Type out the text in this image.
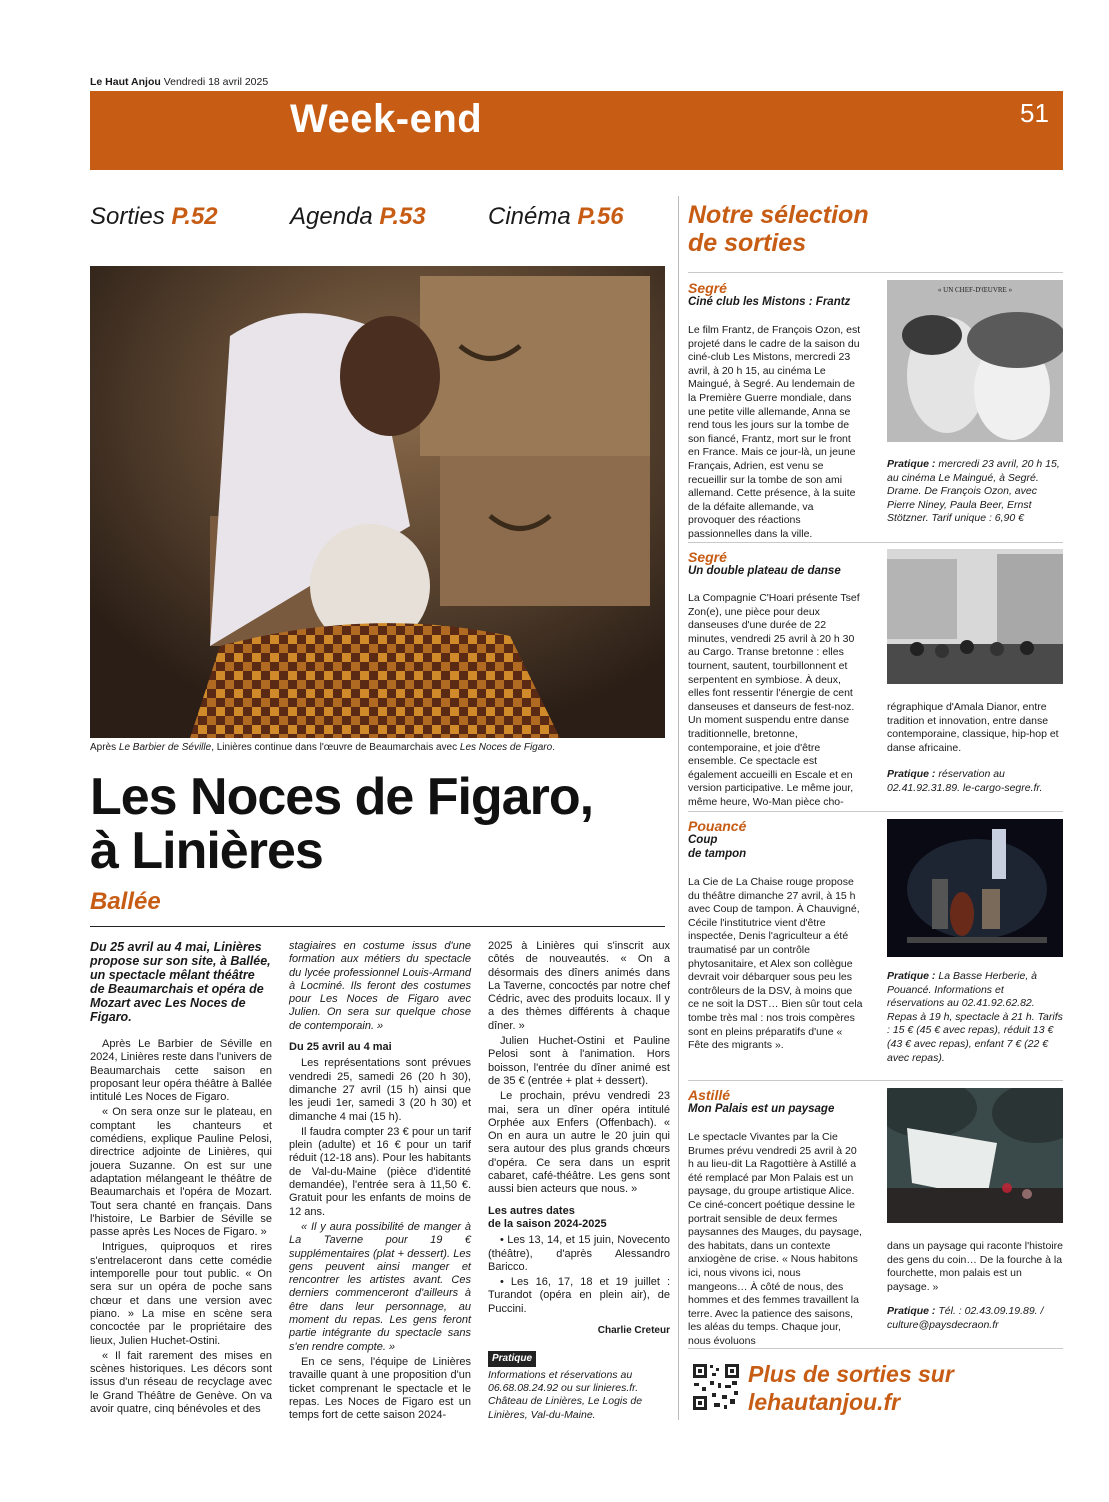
Le Haut Anjou Vendredi 18 avril 2025
Week-end	51
Sorties P.52	Agenda P.53	Cinéma P.56
Après Le Barbier de Séville, Linières continue dans l'œuvre de Beaumarchais avec Les Noces de Figaro.
Les Noces de Figaro,
à Linières
Ballée

Du 25 avril au 4 mai, Linières propose sur son site, à Ballée, un spectacle mêlant théâtre de Beaumarchais et opéra de Mozart avec Les Noces de Figaro.

Après Le Barbier de Séville en 2024, Linières reste dans l'univers de Beaumarchais cette saison en proposant leur opéra théâtre à Ballée intitulé Les Noces de Figaro.

« On sera onze sur le plateau, en comptant les chanteurs et comédiens, explique Pauline Pelosi, directrice adjointe de Linières, qui jouera Suzanne. On est sur une adaptation mélangeant le théâtre de Beaumarchais et l'opéra de Mozart. Tout sera chanté en français. Dans l'histoire, Le Barbier de Séville se passe après Les Noces de Figaro. »

Intrigues, quiproquos et rires s'entrelaceront dans cette comédie intemporelle pour tout public. « On sera sur un opéra de poche sans chœur et dans une version avec piano. » La mise en scène sera concoctée par le propriétaire des lieux, Julien Huchet-Ostini.

« Il fait rarement des mises en scènes historiques. Les décors sont issus d'un réseau de recyclage avec le Grand Théâtre de Genève. On va avoir quatre, cinq bénévoles et des

stagiaires en costume issus d'une formation aux métiers du spectacle du lycée professionnel Louis-Armand à Locminé. Ils feront des costumes pour Les Noces de Figaro avec Julien. On sera sur quelque chose de contemporain. »

Du 25 avril au 4 mai

Les représentations sont prévues vendredi 25, samedi 26 (20 h 30), dimanche 27 avril (15 h) ainsi que les jeudi 1er, samedi 3 (20 h 30) et dimanche 4 mai (15 h).

Il faudra compter 23 € pour un tarif plein (adulte) et 16 € pour un tarif réduit (12-18 ans). Pour les habitants de Val-du-Maine (pièce d'identité demandée), l'entrée sera à 11,50 €. Gratuit pour les enfants de moins de 12 ans.

« Il y aura possibilité de manger à La Taverne pour 19 € supplémentaires (plat + dessert). Les gens peuvent ainsi manger et rencontrer les artistes avant. Ces derniers commenceront d'ailleurs à être dans leur personnage, au moment du repas. Les gens feront partie intégrante du spectacle sans s'en rendre compte. »

En ce sens, l'équipe de Linières travaille quant à une proposition d'un ticket comprenant le spectacle et le repas. Les Noces de Figaro est un temps fort de cette saison 2024-

2025 à Linières qui s'inscrit aux côtés de nouveautés. « On a désormais des dîners animés dans La Taverne, concoctés par notre chef Cédric, avec des produits locaux. Il y a des thèmes différents à chaque dîner. »

Julien Huchet-Ostini et Pauline Pelosi sont à l'animation. Hors boisson, l'entrée du dîner animé est de 35 € (entrée + plat + dessert).

Le prochain, prévu vendredi 23 mai, sera un dîner opéra intitulé Orphée aux Enfers (Offenbach). « On en aura un autre le 20 juin qui sera autour des plus grands chœurs d'opéra. Ce sera dans un esprit cabaret, café-théâtre. Les gens sont aussi bien acteurs que nous. »

Les autres dates

de la saison 2024-2025

• Les 13, 14, et 15 juin, Novecento (théâtre), d'après Alessandro Baricco.

• Les 16, 17, 18 et 19 juillet : Turandot (opéra en plein air), de Puccini.

Charlie Creteur

Pratique

Informations et réservations au 06.68.08.24.92 ou sur linieres.fr. Château de Linières, Le Logis de Linières, Val-du-Maine.

Notre sélection
de sorties
Segré
Ciné club les Mistons : Frantz
Le film Frantz, de François Ozon, est projeté dans le cadre de la saison du ciné-club Les Mistons, mercredi 23 avril, à 20 h 15, au cinéma Le Maingué, à Segré. Au lendemain de la Première Guerre mondiale, dans une petite ville allemande, Anna se rend tous les jours sur la tombe de son fiancé, Frantz, mort sur le front en France. Mais ce jour-là, un jeune Français, Adrien, est venu se recueillir sur la tombe de son ami allemand. Cette présence, à la suite de la défaite allemande, va provoquer des réactions passionnelles dans la ville.
« UN CHEF-D'ŒUVRE »
Pratique : mercredi 23 avril, 20 h 15, au cinéma Le Maingué, à Segré. Drame. De François Ozon, avec Pierre Niney, Paula Beer, Ernst Stötzner. Tarif unique : 6,90 €
Segré
Un double plateau de danse
La Compagnie C'Hoari présente Tsef Zon(e), une pièce pour deux danseuses d'une durée de 22 minutes, vendredi 25 avril à 20 h 30 au Cargo. Transe bretonne : elles tournent, sautent, tourbillonnent et serpentent en symbiose. À deux, elles font ressentir l'énergie de cent danseuses et danseurs de fest-noz. Un moment suspendu entre danse traditionnelle, bretonne, contemporaine, et joie d'être ensemble. Ce spectacle est également accueilli en Escale et en version participative. Le même jour, même heure, Wo-Man pièce cho-
régraphique d'Amala Dianor, entre tradition et innovation, entre danse contemporaine, classique, hip-hop et danse africaine.
Pratique : réservation au 02.41.92.31.89. le-cargo-segre.fr.
Pouancé
Coup
de tampon
La Cie de La Chaise rouge propose du théâtre dimanche 27 avril, à 15 h avec Coup de tampon. À Chauvigné, Cécile l'institutrice vient d'être inspectée, Denis l'agriculteur a été traumatisé par un contrôle phytosanitaire, et Alex son collègue devrait voir débarquer sous peu les contrôleurs de la DSV, à moins que ce ne soit la DST… Bien sûr tout cela tombe très mal : nos trois compères sont en pleins préparatifs d'une « Fête des migrants ».
Pratique : La Basse Herberie, à Pouancé. Informations et réservations au 02.41.92.62.82. Repas à 19 h, spectacle à 21 h. Tarifs : 15 € (45 € avec repas), réduit 13 € (43 € avec repas), enfant 7 € (22 € avec repas).
Astillé
Mon Palais est un paysage
Le spectacle Vivantes par la Cie Brumes prévu vendredi 25 avril à 20 h au lieu-dit La Ragottière à Astillé a été remplacé par Mon Palais est un paysage, du groupe artistique Alice. Ce ciné-concert poétique dessine le portrait sensible de deux fermes paysannes des Mauges, du paysage, des habitats, dans un contexte anxiogène de crise. « Nous habitons ici, nous vivons ici, nous mangeons… À côté de nous, des hommes et des femmes travaillent la terre. Avec la patience des saisons, les aléas du temps. Chaque jour, nous évoluons
dans un paysage qui raconte l'histoire des gens du coin… De la fourche à la fourchette, mon palais est un paysage. »
Pratique : Tél. : 02.43.09.19.89. / culture@paysdecraon.fr
Plus de sorties sur
lehautanjou.fr
